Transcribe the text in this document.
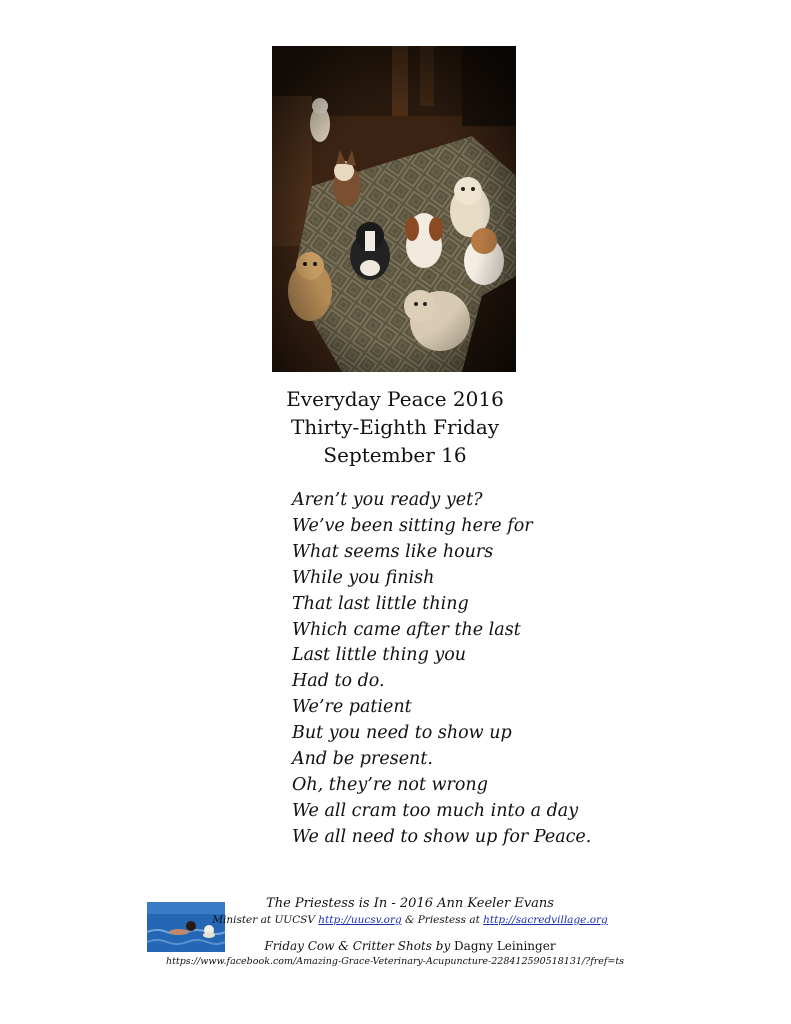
Everyday Peace 2016
Thirty-Eighth Friday
September 16
Aren’t you ready yet?
We’ve been sitting here for
What seems like hours
While you finish
That last little thing
Which came after the last
Last little thing you
Had to do.
We’re patient
But you need to show up
And be present.
Oh, they’re not wrong
We all cram too much into a day
We all need to show up for Peace.
The Priestess is In - 2016 Ann Keeler Evans
Minister at UUCSV http://uucsv.org & Priestess at http://sacredvillage.org
Friday Cow & Critter Shots by Dagny Leininger
https://www.facebook.com/Amazing-Grace-Veterinary-Acupuncture-228412590518131/?fref=ts
